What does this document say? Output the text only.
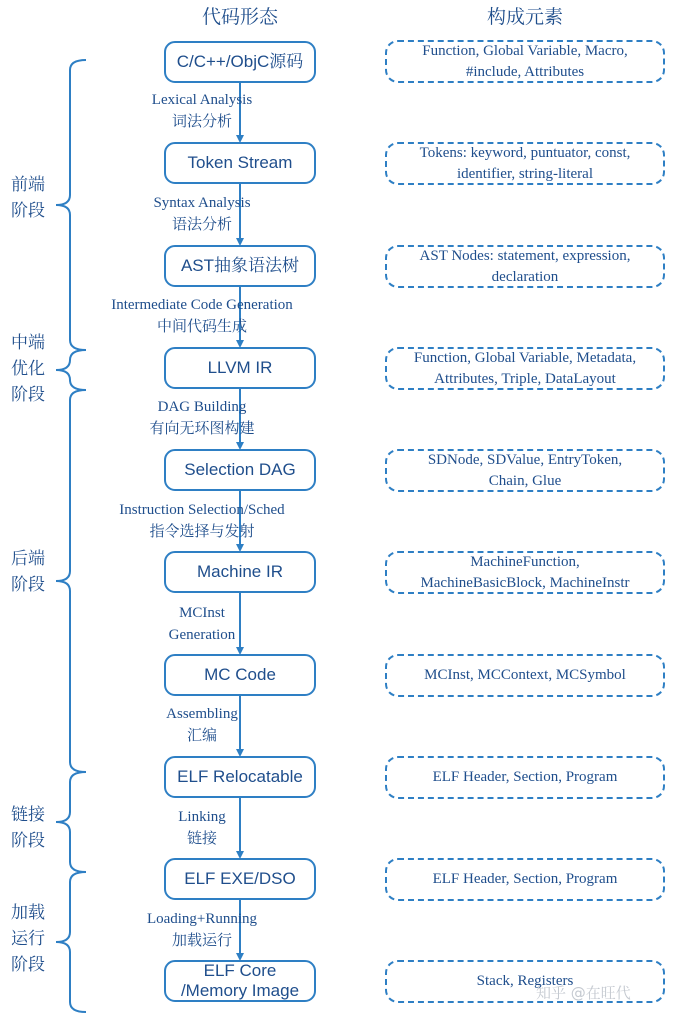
代码形态	构成元素
C/C++/ObjC源码
Token Stream
AST抽象语法树
LLVM IR
Selection DAG
Machine IR
MC Code
ELF Relocatable
ELF EXE/DSO
ELF Core
/Memory Image
Function, Global Variable, Macro,
#include, Attributes
Tokens: keyword, puntuator, const,
identifier, string-literal
AST Nodes: statement, expression,
declaration
Function, Global Variable, Metadata,
Attributes, Triple, DataLayout
SDNode, SDValue, EntryToken,
Chain, Glue
MachineFunction,
MachineBasicBlock, MachineInstr
MCInst, MCContext, MCSymbol
ELF Header, Section, Program
ELF Header, Section, Program
Stack, Registers
Lexical Analysis
词法分析
Syntax Analysis
语法分析
Intermediate Code Generation
中间代码生成
DAG Building
有向无环图构建
Instruction Selection/Sched
指令选择与发射
MCInst
Generation
Assembling
汇编
Linking
链接
Loading+Running
加载运行
前端
阶段
中端
优化
阶段
后端
阶段
链接
阶段
加载
运行
阶段
知乎 @在旺代
